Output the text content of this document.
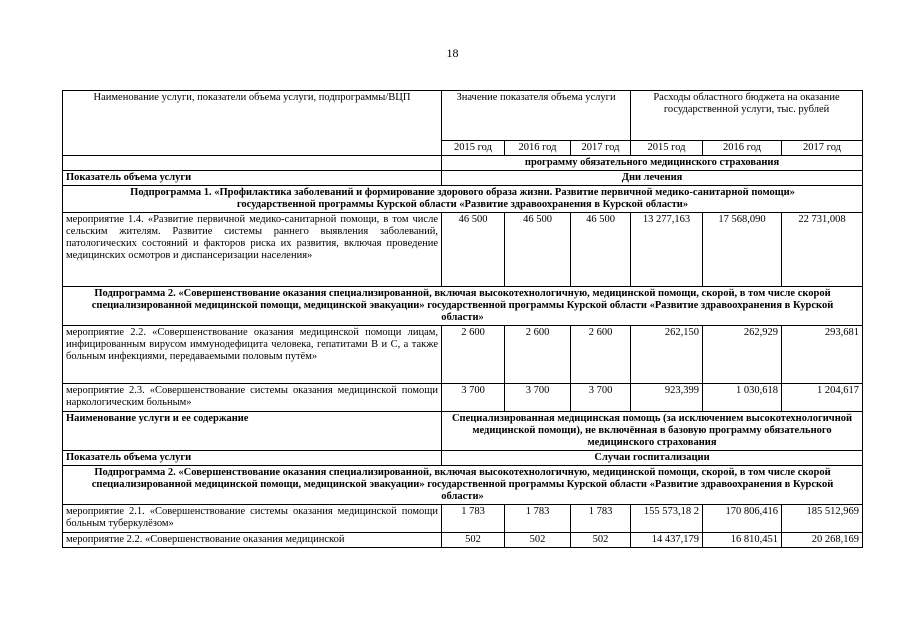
18
Наименование услуги, показатели объема услуги, подпрограммы/ВЦП	Значение показателя объема услуги			Расходы областного бюджета на оказание государственной услуги, тыс. рублей		
	2015 год	2016 год	2017 год	2015 год	2016 год	2017 год
	программу обязательного медицинского страхования					
Показатель объема услуги	Дни лечения					
Подпрограмма 1. «Профилактика заболеваний и формирование здорового образа жизни. Развитие первичной медико-санитарной помощи» государственной программы Курской области «Развитие здравоохранения в Курской области»						
мероприятие 1.4. «Развитие первичной медико-санитарной помощи, в том числе сельским жителям. Развитие системы раннего выявления заболеваний, патологических состояний и факторов риска их развития, включая проведение медицинских осмотров и диспансеризации населения»	46 500	46 500	46 500	13 277,163	17 568,090	22 731,008
Подпрограмма 2. «Совершенствование оказания специализированной, включая высокотехнологичную, медицинской помощи, скорой, в том числе скорой специализированной медицинской помощи, медицинской эвакуации» государственной программы Курской области «Развитие здравоохранения в Курской области»						
мероприятие 2.2. «Совершенствование оказания медицинской помощи лицам, инфицированным вирусом иммунодефицита человека, гепатитами В и С, а также больным инфекциями, передаваемыми половым путём»	2 600	2 600	2 600	262,150	262,929	293,681
мероприятие 2.3. «Совершенствование системы оказания медицинской помощи наркологическим больным»	3 700	3 700	3 700	923,399	1 030,618	1 204,617
Наименование услуги и ее содержание	Специализированная медицинская помощь (за исключением высокотехнологичной медицинской помощи), не включённая в базовую программу обязательного медицинского страхования					
Показатель объема услуги	Случаи госпитализации					
Подпрограмма 2. «Совершенствование оказания специализированной, включая высокотехнологичную, медицинской помощи, скорой, в том числе скорой специализированной медицинской помощи, медицинской эвакуации» государственной программы Курской области «Развитие здравоохранения в Курской области»						
мероприятие 2.1. «Совершенствование системы оказания медицинской помощи больным туберкулёзом»	1 783	1 783	1 783	155 573,18 2	170 806,416	185 512,969
мероприятие 2.2. «Совершенствование оказания медицинской	502	502	502	14 437,179	16 810,451	20 268,169
